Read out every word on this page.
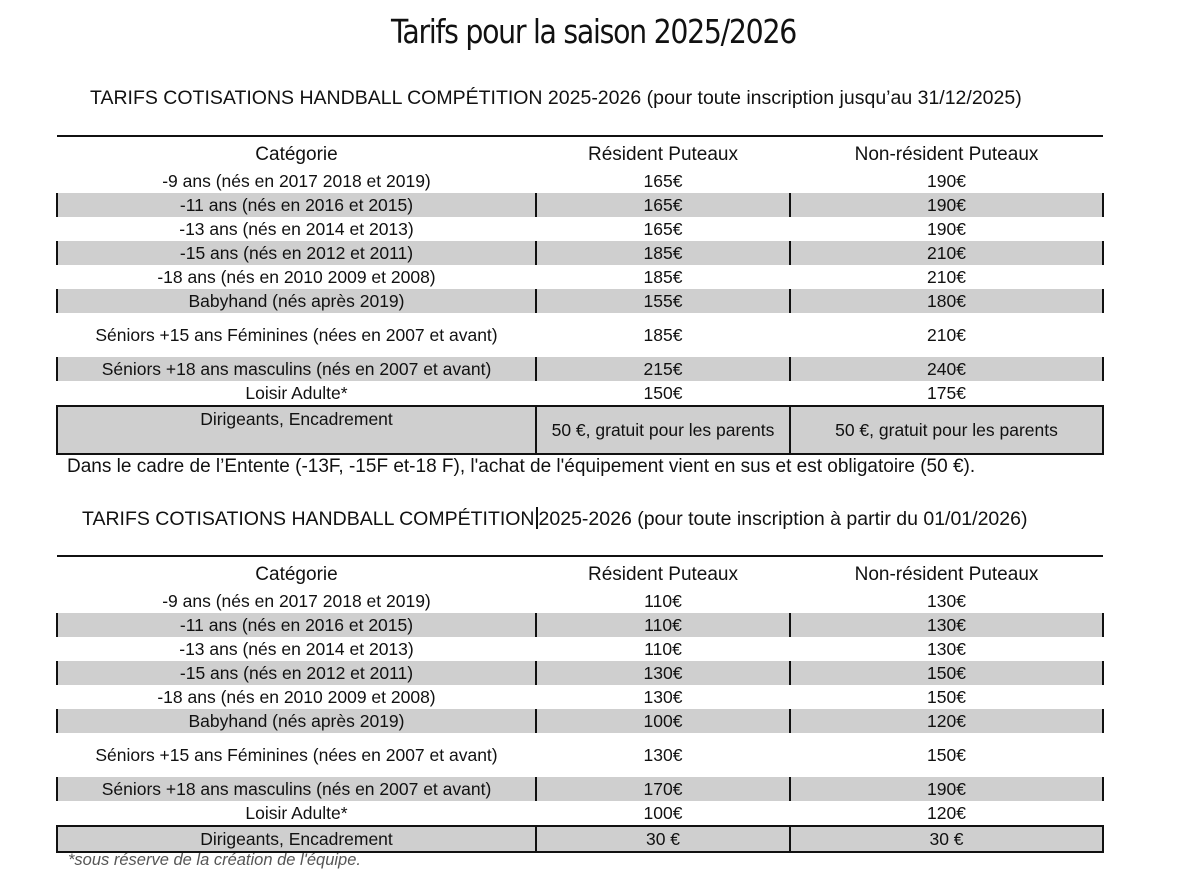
Tarifs pour la saison 2025/2026
TARIFS COTISATIONS HANDBALL COMPÉTITION 2025-2026 (pour toute inscription jusqu’au 31/12/2025)
Catégorie	Résident Puteaux	Non-résident Puteaux
-9 ans (nés en 2017 2018 et 2019)	165€	190€
-11 ans (nés en 2016 et 2015)	165€	190€
-13 ans (nés en 2014 et 2013)	165€	190€
-15 ans (nés en 2012 et 2011)	185€	210€
-18 ans (nés en 2010 2009 et 2008)	185€	210€
Babyhand (nés après 2019)	155€	180€
Séniors +15 ans Féminines (nées en 2007 et avant)	185€	210€
Séniors +18 ans masculins (nés en 2007 et avant)	215€	240€
Loisir Adulte*	150€	175€
Dirigeants, Encadrement	50 €, gratuit pour les parents	50 €, gratuit pour les parents
Dans le cadre de l’Entente (-13F, -15F et-18 F), l'achat de l'équipement vient en sus et est obligatoire (50 €).
TARIFS COTISATIONS HANDBALL COMPÉTITION 2025-2026 (pour toute inscription à partir du 01/01/2026)
Catégorie	Résident Puteaux	Non-résident Puteaux
-9 ans (nés en 2017 2018 et 2019)	110€	130€
-11 ans (nés en 2016 et 2015)	110€	130€
-13 ans (nés en 2014 et 2013)	110€	130€
-15 ans (nés en 2012 et 2011)	130€	150€
-18 ans (nés en 2010 2009 et 2008)	130€	150€
Babyhand (nés après 2019)	100€	120€
Séniors +15 ans Féminines (nées en 2007 et avant)	130€	150€
Séniors +18 ans masculins (nés en 2007 et avant)	170€	190€
Loisir Adulte*	100€	120€
Dirigeants, Encadrement	30 €	30 €
*sous réserve de la création de l'équipe.
